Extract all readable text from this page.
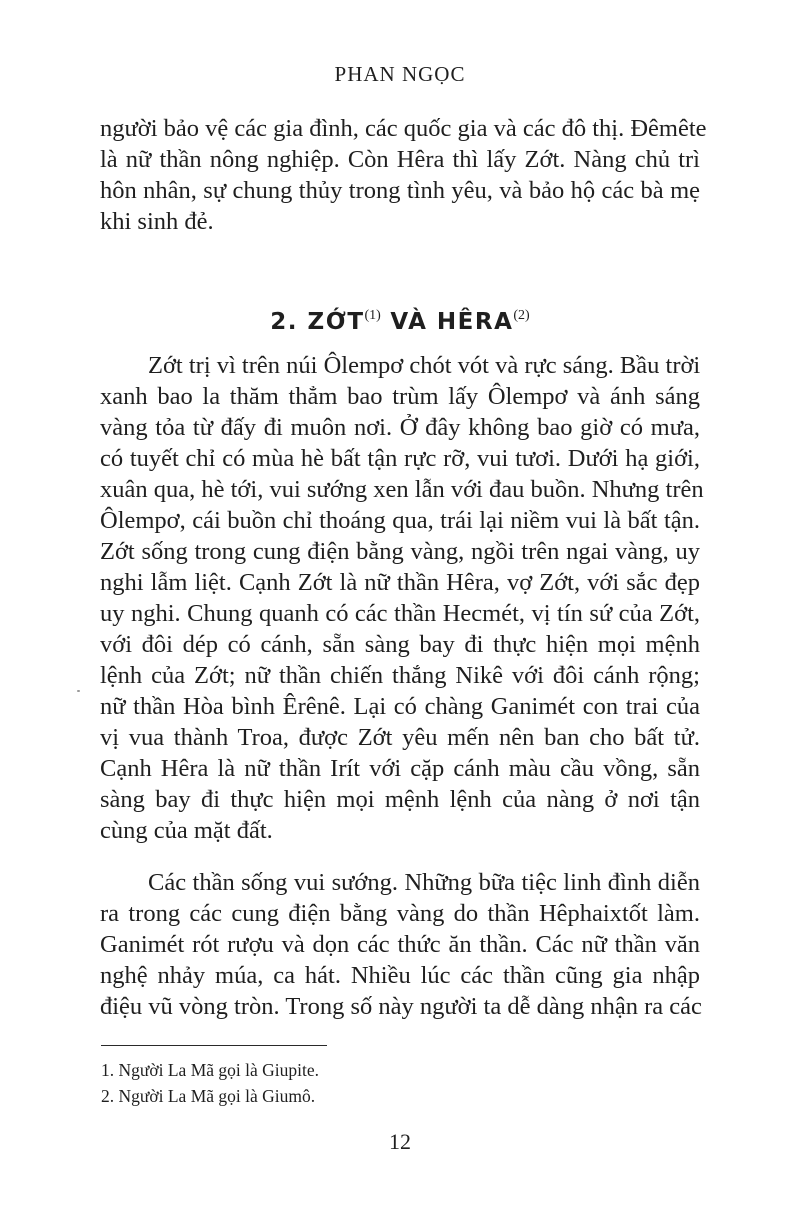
PHAN NGỌC
người bảo vệ các gia đình, các quốc gia và các đô thị. Đêmête
là nữ thần nông nghiệp. Còn Hêra thì lấy Zớt. Nàng chủ trì
hôn nhân, sự chung thủy trong tình yêu, và bảo hộ các bà mẹ
khi sinh đẻ.
2. ZỚT$^{(1)}$ VÀ HÊRA$^{(2)}$
Zớt trị vì trên núi Ôlempơ chót vót và rực sáng. Bầu trời
xanh bao la thăm thẳm bao trùm lấy Ôlempơ và ánh sáng
vàng tỏa từ đấy đi muôn nơi. Ở đây không bao giờ có mưa,
có tuyết chỉ có mùa hè bất tận rực rỡ, vui tươi. Dưới hạ giới,
xuân qua, hè tới, vui sướng xen lẫn với đau buồn. Nhưng trên
Ôlempơ, cái buồn chỉ thoáng qua, trái lại niềm vui là bất tận.
Zớt sống trong cung điện bằng vàng, ngồi trên ngai vàng, uy
nghi lẫm liệt. Cạnh Zớt là nữ thần Hêra, vợ Zớt, với sắc đẹp
uy nghi. Chung quanh có các thần Hecmét, vị tín sứ của Zớt,
với đôi dép có cánh, sẵn sàng bay đi thực hiện mọi mệnh
lệnh của Zớt; nữ thần chiến thắng Nikê với đôi cánh rộng;
nữ thần Hòa bình Êrênê. Lại có chàng Ganimét con trai của
vị vua thành Troa, được Zớt yêu mến nên ban cho bất tử.
Cạnh Hêra là nữ thần Irít với cặp cánh màu cầu vồng, sẵn
sàng bay đi thực hiện mọi mệnh lệnh của nàng ở nơi tận
cùng của mặt đất.
Các thần sống vui sướng. Những bữa tiệc linh đình diễn
ra trong các cung điện bằng vàng do thần Hêphaixtốt làm.
Ganimét rót rượu và dọn các thức ăn thần. Các nữ thần văn
nghệ nhảy múa, ca hát. Nhiều lúc các thần cũng gia nhập
điệu vũ vòng tròn. Trong số này người ta dễ dàng nhận ra các
1. Người La Mã gọi là Giupite.
2. Người La Mã gọi là Giumô.
12
